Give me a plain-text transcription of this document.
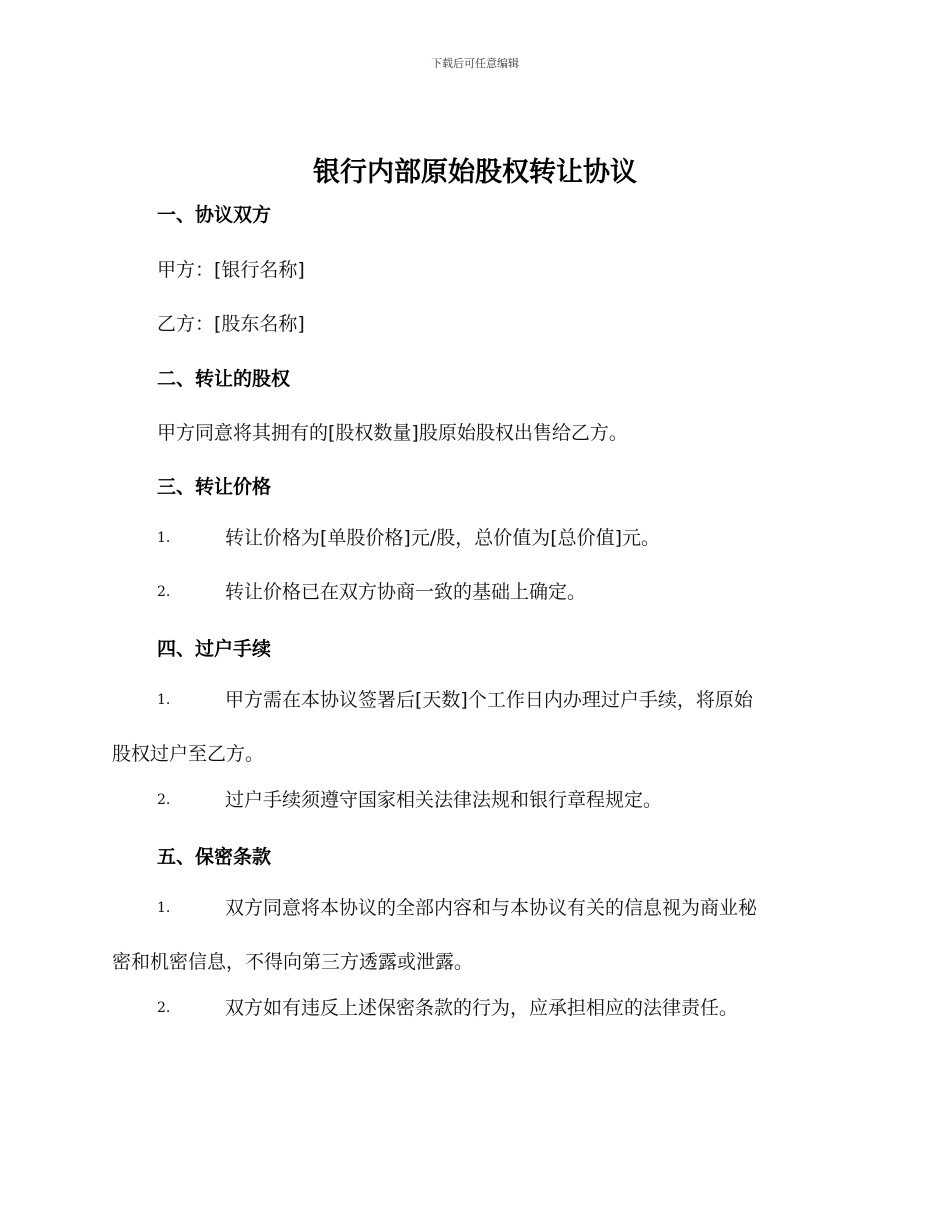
下载后可任意编辑
银行内部原始股权转让协议
一、协议双方
甲方：[银行名称]
乙方：[股东名称]
二、转让的股权
甲方同意将其拥有的[股权数量]股原始股权出售给乙方。
三、转让价格
1.	转让价格为[单股价格]元/股，总价值为[总价值]元。
2.	转让价格已在双方协商一致的基础上确定。
四、过户手续
1.	甲方需在本协议签署后[天数]个工作日内办理过户手续，将原始
股权过户至乙方。
2.	过户手续须遵守国家相关法律法规和银行章程规定。
五、保密条款
1.	双方同意将本协议的全部内容和与本协议有关的信息视为商业秘
密和机密信息，不得向第三方透露或泄露。
2.	双方如有违反上述保密条款的行为，应承担相应的法律责任。
